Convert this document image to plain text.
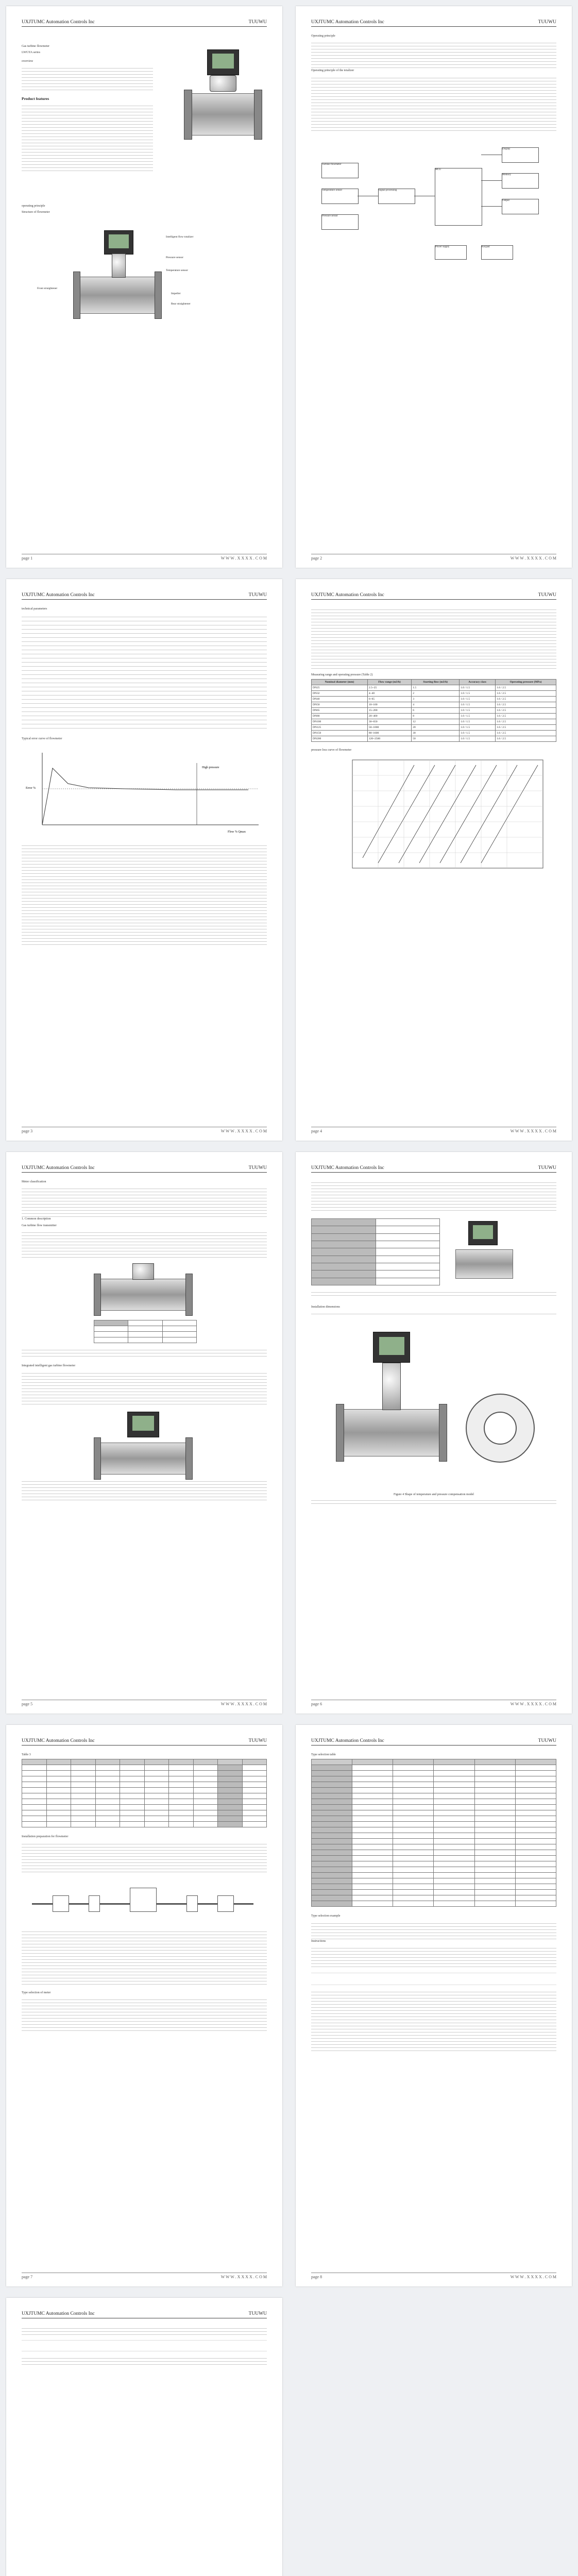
UXJTUMC Automation Controls Inc	TUUWU
Gas turbine flowmeter
LWGYA series
overview
Product features
operating principle
Structure of flowmeter
Intelligent flow totalizer
Pressure sensor
Temperature sensor
Front straightener
Impeller
Rear straightener
page 1	W W W . X X X X . C O M
UXJTUMC Automation Controls Inc	TUUWU
Operating principle
Operating principle of the totalizer
Turbine flowmeter
Temperature sensor
Pressure sensor
Signal processing
MCU
Display
Memory
Output
Power supply	Keypad
page 2	W W W . X X X X . C O M
UXJTUMC Automation Controls Inc	TUUWU
technical parameters
Typical error curve of flowmeter
High pressure
Error %
Flow % Qmax
page 3	W W W . X X X X . C O M
UXJTUMC Automation Controls Inc	TUUWU
Measuring range and operating pressure (Table 2)
Nominal diameter (mm)	Flow range (m3/h)	Starting flow (m3/h)	Accuracy class	Operating pressure (MPa)
DN25	2.5~25	1.5	1.0 / 1.5	1.6 / 2.5
DN32	4~40	2	1.0 / 1.5	1.6 / 2.5
DN40	6~65	3	1.0 / 1.5	1.6 / 2.5
DN50	10~100	4	1.0 / 1.5	1.6 / 2.5
DN65	15~200	6	1.0 / 1.5	1.6 / 2.5
DN80	20~400	8	1.0 / 1.5	1.6 / 2.5
DN100	30~650	12	1.0 / 1.5	1.6 / 2.5
DN125	50~1000	20	1.0 / 1.5	1.6 / 2.5
DN150	80~1600	30	1.0 / 1.5	1.6 / 2.5
DN200	120~2500	50	1.0 / 1.5	1.6 / 2.5
pressure loss curve of flowmeter
page 4	W W W . X X X X . C O M
UXJTUMC Automation Controls Inc	TUUWU
Meter classification
1. Common description
Gas turbine flow transmitter

Integrated intelligent gas turbine flowmeter
page 5	W W W . X X X X . C O M
UXJTUMC Automation Controls Inc	TUUWU

Installation dimensions
Figure 4 Shape of temperature and pressure compensation model
page 6	W W W . X X X X . C O M
UXJTUMC Automation Controls Inc	TUUWU
Table 3

Installation preparation for flowmeter
Type selection of meter
page 7	W W W . X X X X . C O M
UXJTUMC Automation Controls Inc	TUUWU
Type selection table

Type selection example
Instructions
page 8	W W W . X X X X . C O M
UXJTUMC Automation Controls Inc	TUUWU
